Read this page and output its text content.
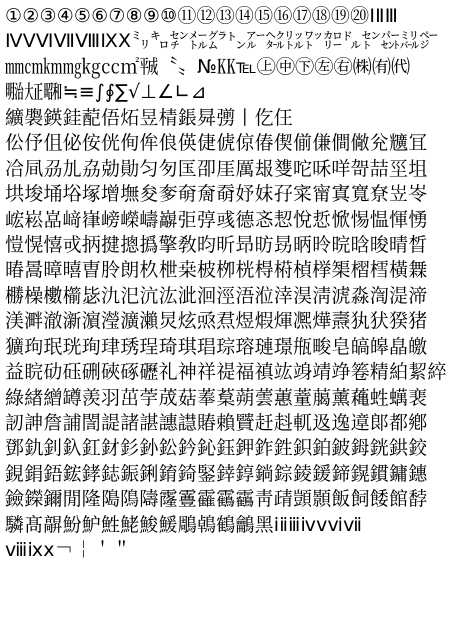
①②③④⑤⑥⑦⑧⑨⑩⑪⑫⑬⑭⑮⑯⑰⑱⑲⑳ⅠⅡⅢ
ⅣⅤⅥⅦⅧⅨⅩ㍉㌔㌢㍍㌘㌧㌃㌶㍑㍗㌍㌦㌣㌫㍊㌻
㎜㎝㎞㎎㎏㏄㎡㍻〝〟№㏍℡㊤㊥㊦㊧㊨㈱㈲㈹
㍾㍽㍼≒≡∫∮∑√⊥∠∟⊿
纊褜鍈銈蓜俉炻昱棈鋹曻彅丨仡仼
伀伃伹佖侒侊侚侔俍偀倢俿倞偆偰偂傔僴僘兊兤冝
冾凬刕劜劦勀勛匀匇匤卲厓厲叝﨎咜咊咩哿喆坙坥
垬埈埇﨏塚增墲夋奓奛奝奣妤妺孖寀甯寘寬尞岦岺
峵崧嵓﨑嵂嵭嶸嶹巐弡弴彧德忞恝悅悊惞惕愠惲愑
愷愰憘戓抦揵摠撝擎敎昀昕昻昉昮昞昤晥晗晙晴晳
暙暠暲暿曺朎朗杦枻桒柀栁桄棏﨓楨﨔榘槢樰橫橆
橳橾櫢櫤毖氿汜沆汯泚洄涇浯涖涬淏淸淲淼渹湜渧
渼溿澈澵濵瀅瀇瀨炅炫焏焄煜煆煇凞燁燾犱犾猤猪
獷玽珉珖珣珒琇珵琦琪琩琮瑢璉璟甁畯皂皜皞皛皦
益睆劯砡硎硤硺礰礼神祥禔福禛竑竧靖竫箞精絈絜綷
綠緖繒罇羡羽茁荢荿菇菶葈蒴蕓蕙蕫﨟薰蘒﨡蠇裵
訒訷詹誧誾諟諸諶譓譿賰賴贒赶﨣軏﨤逸遧郞都鄕
鄧釚釗釞釭釮釤釥鈆鈐鈊鈺鉀鈼鉎鉙鉑鈹鉧銧鉷鉸
鋧鋗鋙鋐﨧鋕鋠鋓錥錡鋻﨨錞鋿錝錂鍰鍗鎤鏆鏞鏸
鐱鑅鑈閒隆﨩隝隯霳霻靃靍靏靑靕顗顥飯飼餧館馞
驎髙髜魵魲鮏鮱鮻鰀鵰鵫鶴鸙黑ⅰⅱⅲⅳⅴⅵⅶ
ⅷⅸⅹ￢￤＇＂
